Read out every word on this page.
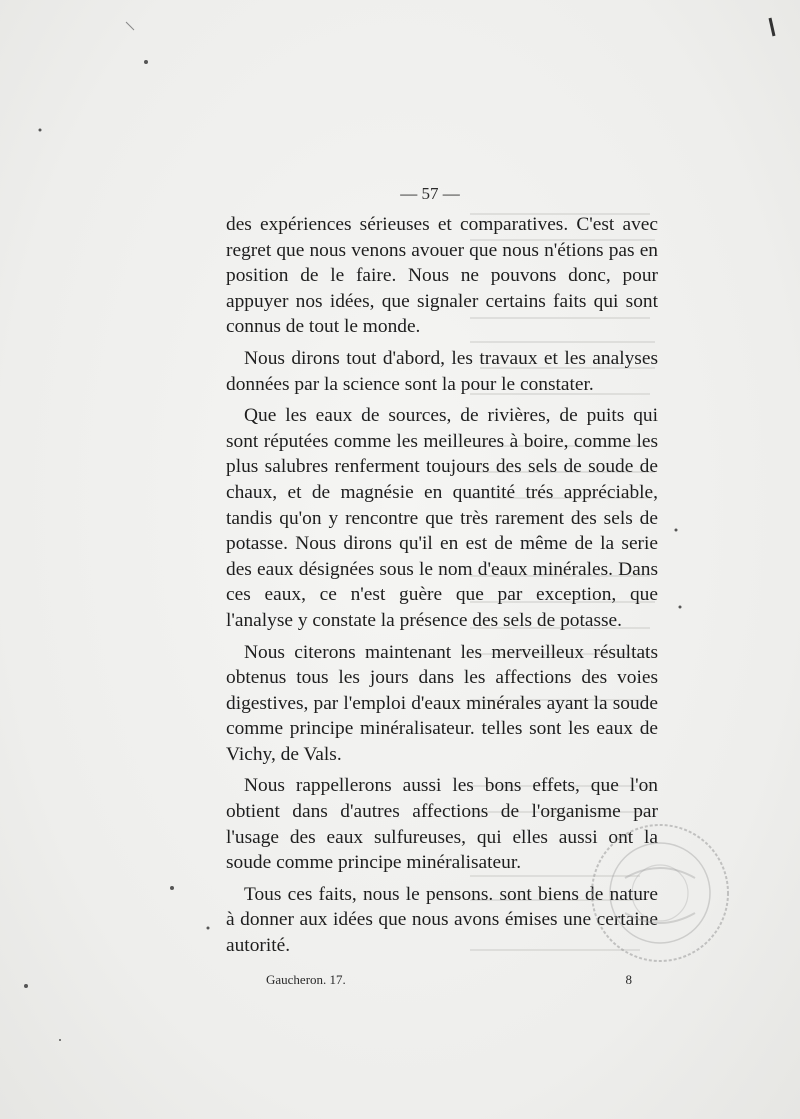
— 57 —

des expériences sérieuses et comparatives. C'est avec regret que nous venons avouer que nous n'étions pas en position de le faire. Nous ne pouvons donc, pour appuyer nos idées, que signaler certains faits qui sont connus de tout le monde.

Nous dirons tout d'abord, les travaux et les analyses données par la science sont la pour le constater.

Que les eaux de sources, de rivières, de puits qui sont réputées comme les meilleures à boire, comme les plus salubres renferment toujours des sels de soude de chaux, et de magnésie en quantité trés appréciable, tandis qu'on y rencontre que très rarement des sels de potasse. Nous dirons qu'il en est de même de la serie des eaux désignées sous le nom d'eaux minérales. Dans ces eaux, ce n'est guère que par exception, que l'analyse y constate la présence des sels de potasse.

Nous citerons maintenant les merveilleux résultats obtenus tous les jours dans les affections des voies digestives, par l'emploi d'eaux minérales ayant la soude comme principe minéralisateur. telles sont les eaux de Vichy, de Vals.

Nous rappellerons aussi les bons effets, que l'on obtient dans d'autres affections de l'organisme par l'usage des eaux sulfureuses, qui elles aussi ont la soude comme principe minéralisateur.

Tous ces faits, nous le pensons. sont biens de nature à donner aux idées que nous avons émises une certaine autorité.

Gaucheron. 17.	8
